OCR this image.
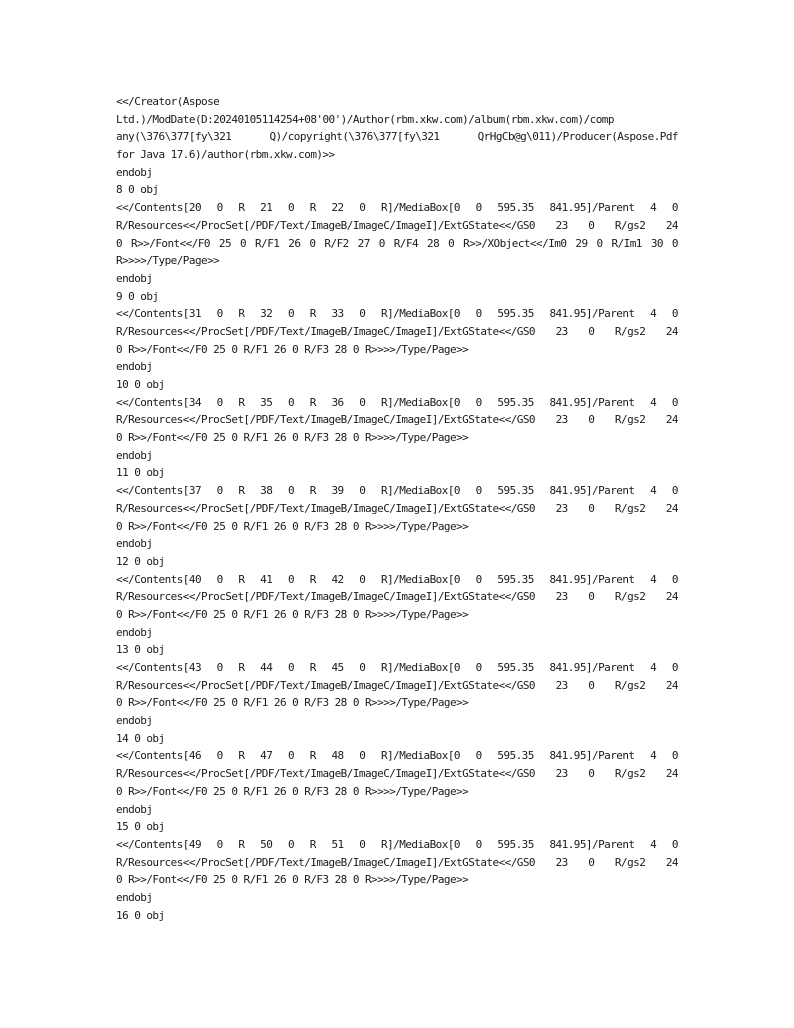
<</Creator(Aspose
Ltd.)/ModDate(D:20240105114254+08'00')/Author(rbm.xkw.com)/album(rbm.xkw.com)/comp
any(\376\377[fy\321 Q)/copyright(\376\377[fy\321 QrHgCb@g\011)/Producer(Aspose.Pdf
for Java 17.6)/author(rbm.xkw.com)>>
endobj
8 0 obj
<</Contents[20 0 R 21 0 R 22 0 R]/MediaBox[0 0 595.35 841.95]/Parent 4 0
R/Resources<</ProcSet[/PDF/Text/ImageB/ImageC/ImageI]/ExtGState<</GS0 23 0 R/gs2 24
0 R>>/Font<</F0 25 0 R/F1 26 0 R/F2 27 0 R/F4 28 0 R>>/XObject<</Im0 29 0 R/Im1 30 0
R>>>>/Type/Page>>
endobj
9 0 obj
<</Contents[31 0 R 32 0 R 33 0 R]/MediaBox[0 0 595.35 841.95]/Parent 4 0
R/Resources<</ProcSet[/PDF/Text/ImageB/ImageC/ImageI]/ExtGState<</GS0 23 0 R/gs2 24
0 R>>/Font<</F0 25 0 R/F1 26 0 R/F3 28 0 R>>>>/Type/Page>>
endobj
10 0 obj
<</Contents[34 0 R 35 0 R 36 0 R]/MediaBox[0 0 595.35 841.95]/Parent 4 0
R/Resources<</ProcSet[/PDF/Text/ImageB/ImageC/ImageI]/ExtGState<</GS0 23 0 R/gs2 24
0 R>>/Font<</F0 25 0 R/F1 26 0 R/F3 28 0 R>>>>/Type/Page>>
endobj
11 0 obj
<</Contents[37 0 R 38 0 R 39 0 R]/MediaBox[0 0 595.35 841.95]/Parent 4 0
R/Resources<</ProcSet[/PDF/Text/ImageB/ImageC/ImageI]/ExtGState<</GS0 23 0 R/gs2 24
0 R>>/Font<</F0 25 0 R/F1 26 0 R/F3 28 0 R>>>>/Type/Page>>
endobj
12 0 obj
<</Contents[40 0 R 41 0 R 42 0 R]/MediaBox[0 0 595.35 841.95]/Parent 4 0
R/Resources<</ProcSet[/PDF/Text/ImageB/ImageC/ImageI]/ExtGState<</GS0 23 0 R/gs2 24
0 R>>/Font<</F0 25 0 R/F1 26 0 R/F3 28 0 R>>>>/Type/Page>>
endobj
13 0 obj
<</Contents[43 0 R 44 0 R 45 0 R]/MediaBox[0 0 595.35 841.95]/Parent 4 0
R/Resources<</ProcSet[/PDF/Text/ImageB/ImageC/ImageI]/ExtGState<</GS0 23 0 R/gs2 24
0 R>>/Font<</F0 25 0 R/F1 26 0 R/F3 28 0 R>>>>/Type/Page>>
endobj
14 0 obj
<</Contents[46 0 R 47 0 R 48 0 R]/MediaBox[0 0 595.35 841.95]/Parent 4 0
R/Resources<</ProcSet[/PDF/Text/ImageB/ImageC/ImageI]/ExtGState<</GS0 23 0 R/gs2 24
0 R>>/Font<</F0 25 0 R/F1 26 0 R/F3 28 0 R>>>>/Type/Page>>
endobj
15 0 obj
<</Contents[49 0 R 50 0 R 51 0 R]/MediaBox[0 0 595.35 841.95]/Parent 4 0
R/Resources<</ProcSet[/PDF/Text/ImageB/ImageC/ImageI]/ExtGState<</GS0 23 0 R/gs2 24
0 R>>/Font<</F0 25 0 R/F1 26 0 R/F3 28 0 R>>>>/Type/Page>>
endobj
16 0 obj
